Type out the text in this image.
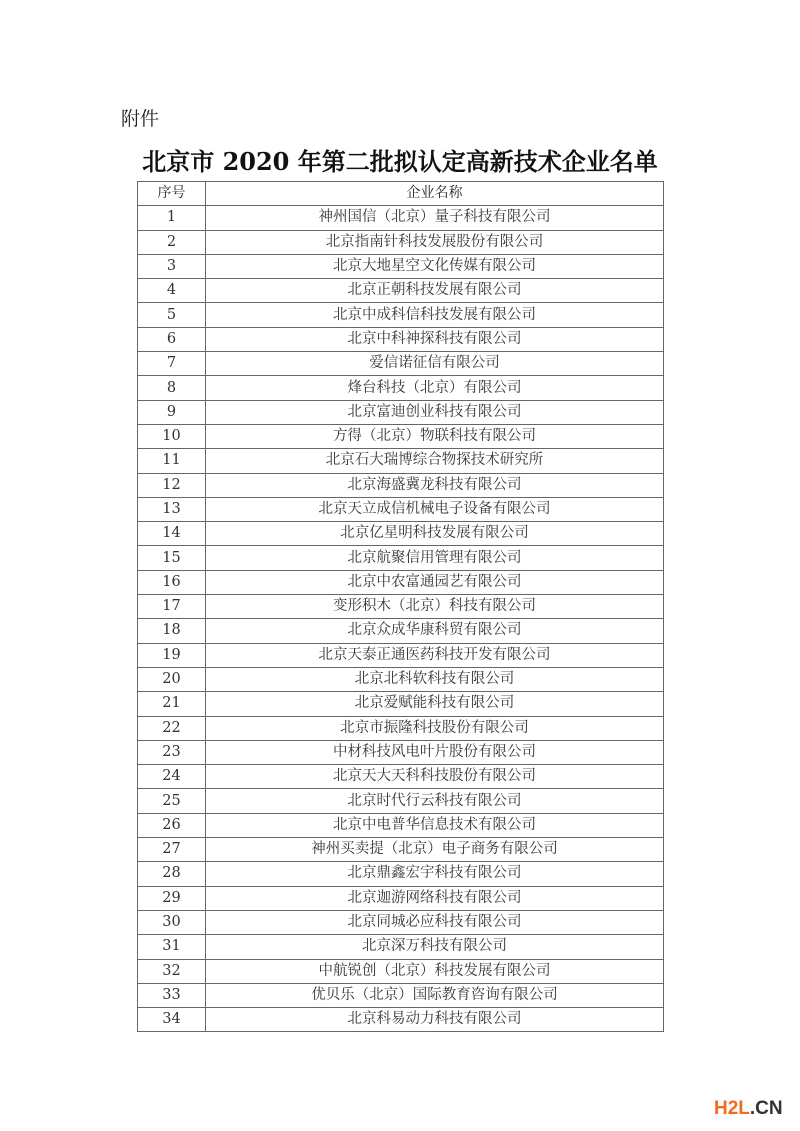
附件
北京市 2020 年第二批拟认定高新技术企业名单
序号	企业名称
1	神州国信（北京）量子科技有限公司
2	北京指南针科技发展股份有限公司
3	北京大地星空文化传媒有限公司
4	北京正朝科技发展有限公司
5	北京中成科信科技发展有限公司
6	北京中科神探科技有限公司
7	爱信诺征信有限公司
8	烽台科技（北京）有限公司
9	北京富迪创业科技有限公司
10	方得（北京）物联科技有限公司
11	北京石大瑞博综合物探技术研究所
12	北京海盛冀龙科技有限公司
13	北京天立成信机械电子设备有限公司
14	北京亿星明科技发展有限公司
15	北京航聚信用管理有限公司
16	北京中农富通园艺有限公司
17	变形积木（北京）科技有限公司
18	北京众成华康科贸有限公司
19	北京天泰正通医药科技开发有限公司
20	北京北科软科技有限公司
21	北京爱赋能科技有限公司
22	北京市振隆科技股份有限公司
23	中材科技风电叶片股份有限公司
24	北京天大天科科技股份有限公司
25	北京时代行云科技有限公司
26	北京中电普华信息技术有限公司
27	神州买卖提（北京）电子商务有限公司
28	北京鼎鑫宏宇科技有限公司
29	北京迦游网络科技有限公司
30	北京同城必应科技有限公司
31	北京深万科技有限公司
32	中航锐创（北京）科技发展有限公司
33	优贝乐（北京）国际教育咨询有限公司
34	北京科易动力科技有限公司
H2L.CN
